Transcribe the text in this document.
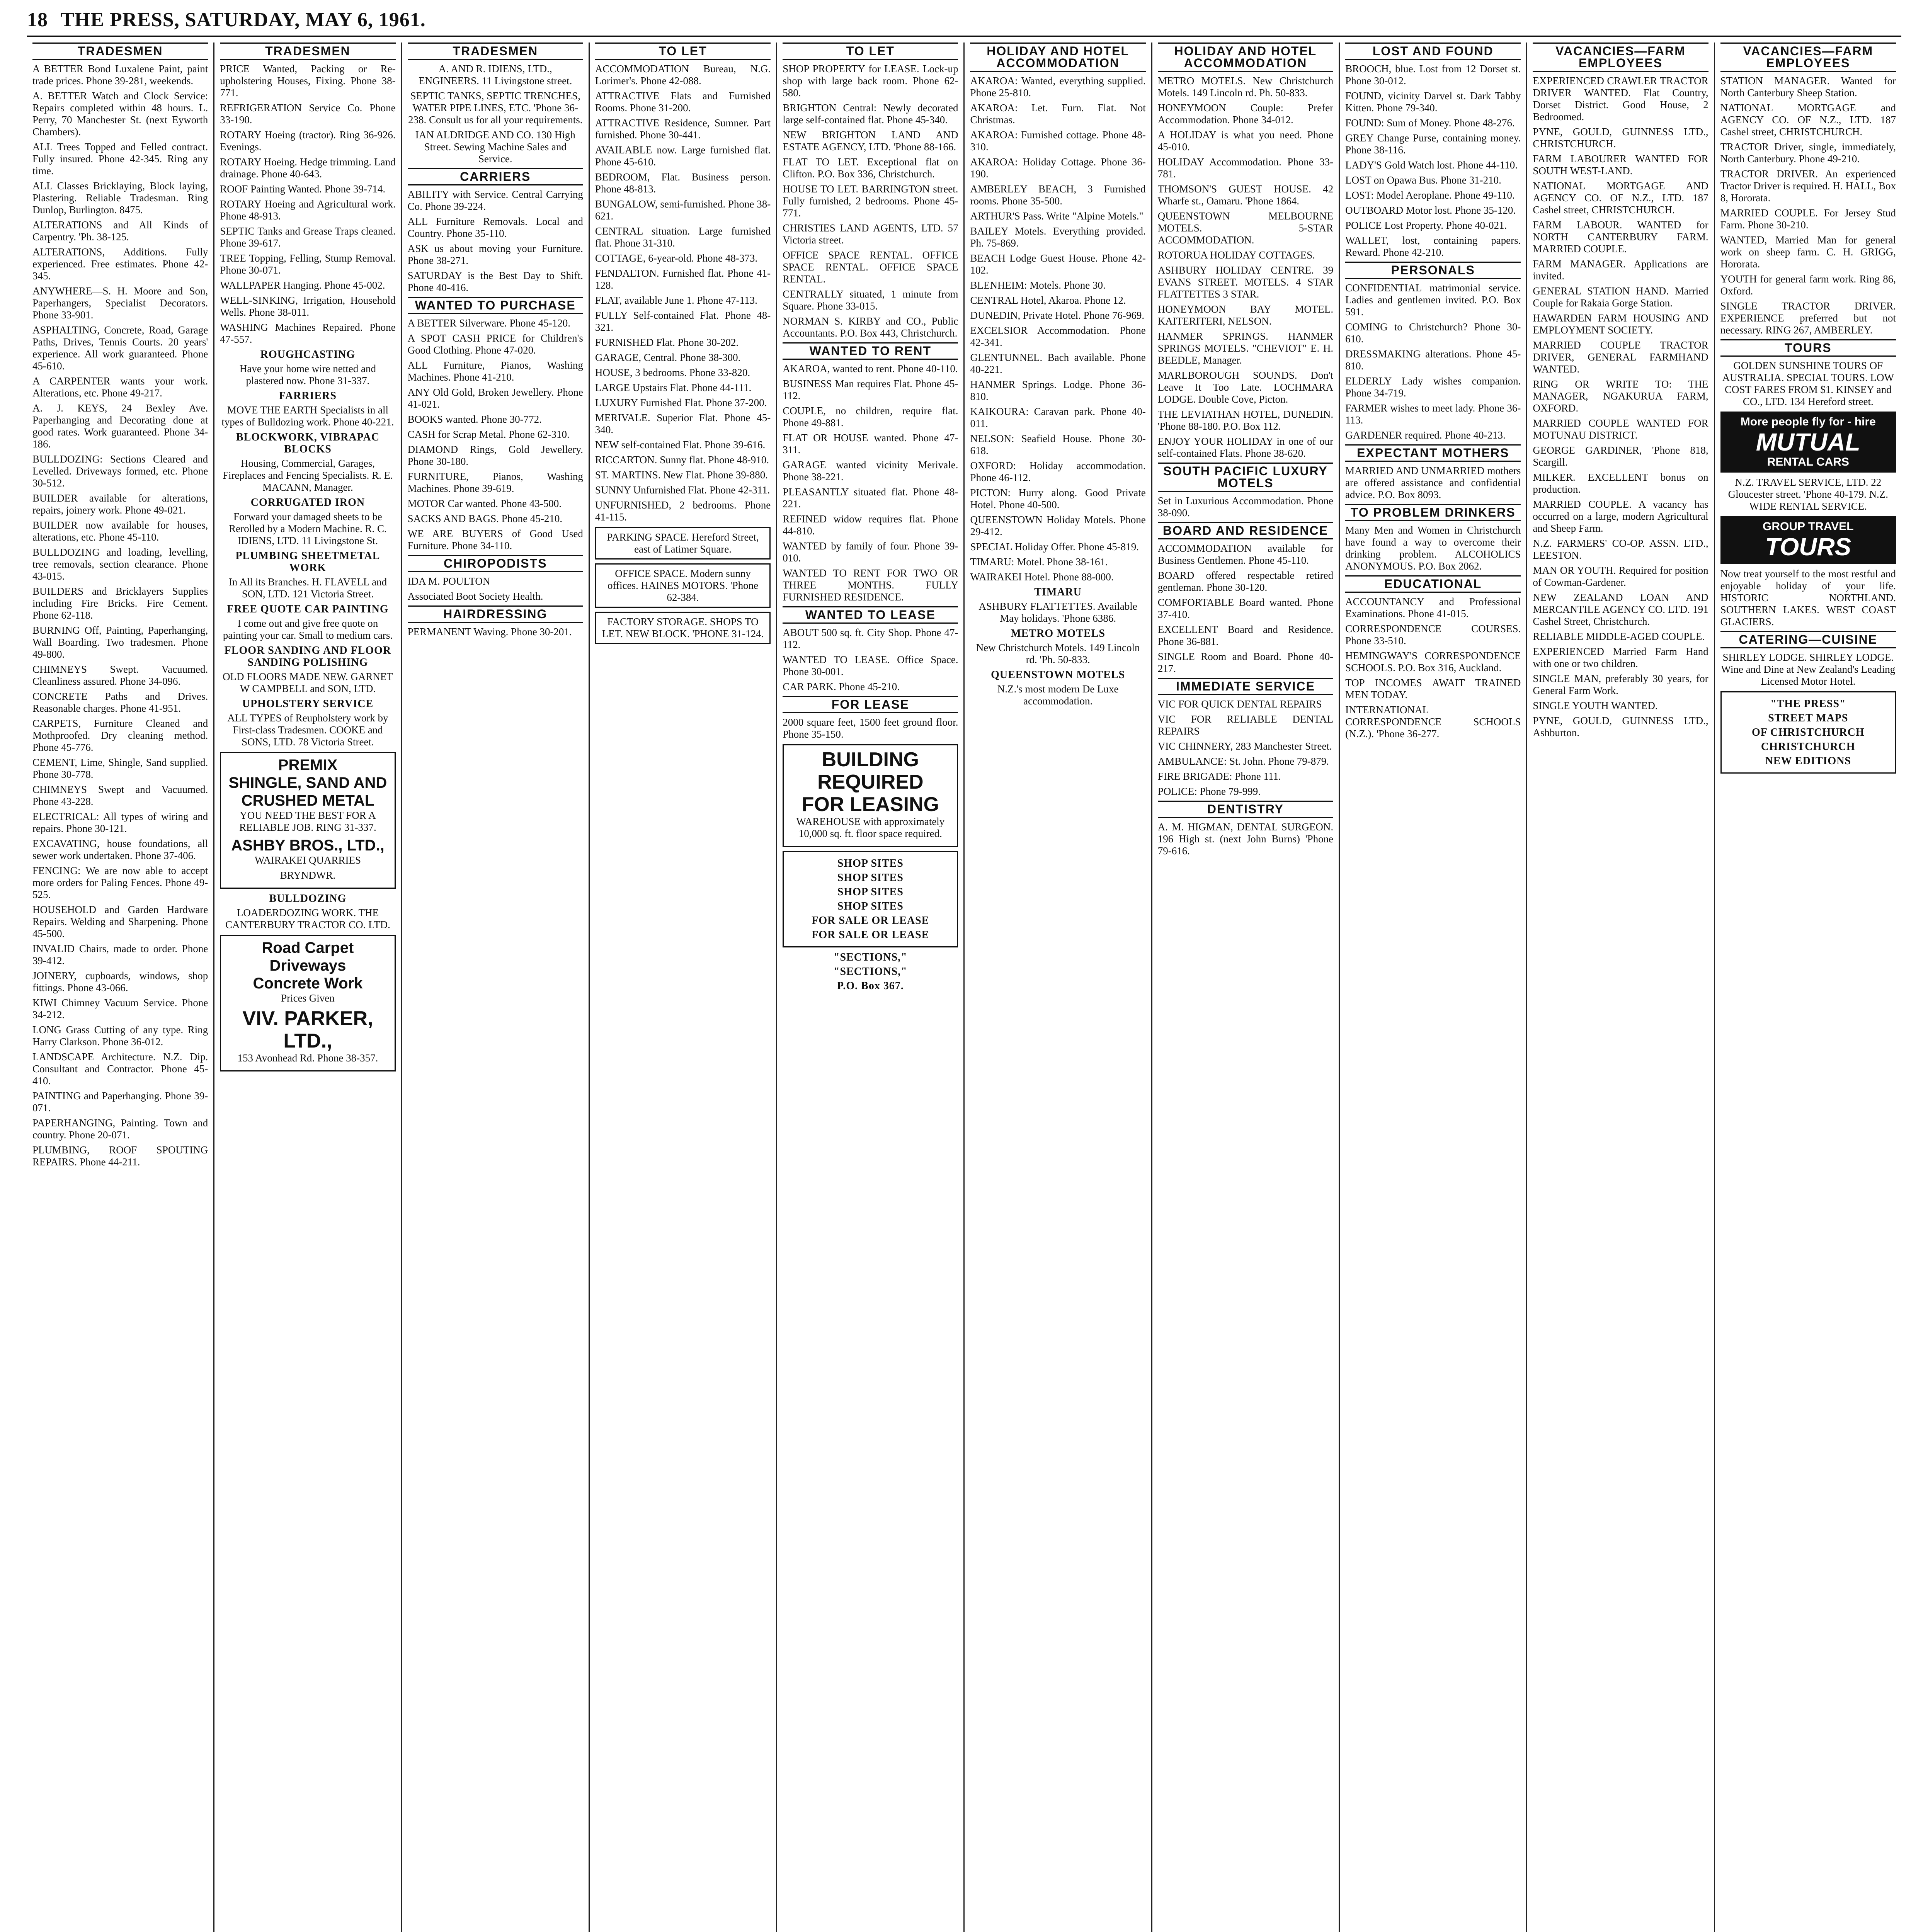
18 THE PRESS, SATURDAY, MAY 6, 1961.
TRADESMEN
A BETTER Bond Luxalene Paint, paint trade prices. Phone 39-281, weekends.
A. BETTER Watch and Clock Service: Repairs completed within 48 hours. L. Perry, 70 Manchester St. (next Eyworth Chambers).
ALL Trees Topped and Felled contract. Fully insured. Phone 42-345. Ring any time.
ALL Classes Bricklaying, Block laying, Plastering. Reliable Tradesman. Ring Dunlop, Burlington. 8475.
ALTERATIONS and All Kinds of Carpentry. 'Ph. 38-125.
ALTERATIONS, Additions. Fully experienced. Free estimates. Phone 42-345.
ANYWHERE—S. H. Moore and Son, Paperhangers, Specialist Decorators. Phone 33-901.
ASPHALTING, Concrete, Road, Garage Paths, Drives, Tennis Courts. 20 years' experience. All work guaranteed. Phone 45-610.
A CARPENTER wants your work. Alterations, etc. Phone 49-217.
A. J. KEYS, 24 Bexley Ave. Paperhanging and Decorating done at good rates. Work guaranteed. Phone 34-186.
BULLDOZING: Sections Cleared and Levelled. Driveways formed, etc. Phone 30-512.
BUILDER available for alterations, repairs, joinery work. Phone 49-021.
BUILDER now available for houses, alterations, etc. Phone 45-110.
BULLDOZING and loading, levelling, tree removals, section clearance. Phone 43-015.
BUILDERS and Bricklayers Supplies including Fire Bricks. Fire Cement. Phone 62-118.
BURNING Off, Painting, Paperhanging, Wall Boarding. Two tradesmen. Phone 49-800.
CHIMNEYS Swept. Vacuumed. Cleanliness assured. Phone 34-096.
CONCRETE Paths and Drives. Reasonable charges. Phone 41-951.
CARPETS, Furniture Cleaned and Mothproofed. Dry cleaning method. Phone 45-776.
CEMENT, Lime, Shingle, Sand supplied. Phone 30-778.
CHIMNEYS Swept and Vacuumed. Phone 43-228.
ELECTRICAL: All types of wiring and repairs. Phone 30-121.
EXCAVATING, house foundations, all sewer work undertaken. Phone 37-406.
FENCING: We are now able to accept more orders for Paling Fences. Phone 49-525.
HOUSEHOLD and Garden Hardware Repairs. Welding and Sharpening. Phone 45-500.
INVALID Chairs, made to order. Phone 39-412.
JOINERY, cupboards, windows, shop fittings. Phone 43-066.
KIWI Chimney Vacuum Service. Phone 34-212.
LONG Grass Cutting of any type. Ring Harry Clarkson. Phone 36-012.
LANDSCAPE Architecture. N.Z. Dip. Consultant and Contractor. Phone 45-410.
PAINTING and Paperhanging. Phone 39-071.
PAPERHANGING, Painting. Town and country. Phone 20-071.
PLUMBING, ROOF SPOUTING REPAIRS. Phone 44-211.
TRADESMEN
PRICE Wanted, Packing or Re-upholstering Houses, Fixing. Phone 38-771.
REFRIGERATION Service Co. Phone 33-190.
ROTARY Hoeing (tractor). Ring 36-926. Evenings.
ROTARY Hoeing. Hedge trimming. Land drainage. Phone 40-643.
ROOF Painting Wanted. Phone 39-714.
ROTARY Hoeing and Agricultural work. Phone 48-913.
SEPTIC Tanks and Grease Traps cleaned. Phone 39-617.
TREE Topping, Felling, Stump Removal. Phone 30-071.
WALLPAPER Hanging. Phone 45-002.
WELL-SINKING, Irrigation, Household Wells. Phone 38-011.
WASHING Machines Repaired. Phone 47-557.
ROUGHCASTING
Have your home wire netted and plastered now. Phone 31-337.
FARRIERS
MOVE THE EARTH Specialists in all types of Bulldozing work. Phone 40-221.
BLOCKWORK, VIBRAPAC BLOCKS
Housing, Commercial, Garages, Fireplaces and Fencing Specialists. R. E. MACANN, Manager.
CORRUGATED IRON
Forward your damaged sheets to be Rerolled by a Modern Machine. R. C. IDIENS, LTD. 11 Livingstone St.
PLUMBING SHEETMETAL WORK
In All its Branches. H. FLAVELL and SON, LTD. 121 Victoria Street.
FREE QUOTE CAR PAINTING
I come out and give free quote on painting your car. Small to medium cars.
FLOOR SANDING AND FLOOR SANDING POLISHING
OLD FLOORS MADE NEW. GARNET W CAMPBELL and SON, LTD.
UPHOLSTERY SERVICE
ALL TYPES of Reupholstery work by First-class Tradesmen. COOKE and SONS, LTD. 78 Victoria Street.
PREMIX
SHINGLE, SAND AND
CRUSHED METAL
YOU NEED THE BEST FOR A RELIABLE JOB. RING 31-337.
ASHBY BROS., LTD.,
WAIRAKEI QUARRIES
BRYNDWR.
BULLDOZING
LOADERDOZING WORK. THE CANTERBURY TRACTOR CO. LTD.
Road Carpet
Driveways
Concrete Work
Prices Given
VIV. PARKER,
LTD.,
153 Avonhead Rd. Phone 38-357.
TRADESMEN
A. AND R. IDIENS, LTD., ENGINEERS. 11 Livingstone street.
SEPTIC TANKS, SEPTIC TRENCHES, WATER PIPE LINES, ETC. 'Phone 36-238. Consult us for all your requirements.
IAN ALDRIDGE AND CO. 130 High Street. Sewing Machine Sales and Service.
CARRIERS
ABILITY with Service. Central Carrying Co. Phone 39-224.
ALL Furniture Removals. Local and Country. Phone 35-110.
ASK us about moving your Furniture. Phone 38-271.
SATURDAY is the Best Day to Shift. Phone 40-416.
WANTED TO PURCHASE
A BETTER Silverware. Phone 45-120.
A SPOT CASH PRICE for Children's Good Clothing. Phone 47-020.
ALL Furniture, Pianos, Washing Machines. Phone 41-210.
ANY Old Gold, Broken Jewellery. Phone 41-021.
BOOKS wanted. Phone 30-772.
CASH for Scrap Metal. Phone 62-310.
DIAMOND Rings, Gold Jewellery. Phone 30-180.
FURNITURE, Pianos, Washing Machines. Phone 39-619.
MOTOR Car wanted. Phone 43-500.
SACKS AND BAGS. Phone 45-210.
WE ARE BUYERS of Good Used Furniture. Phone 34-110.
CHIROPODISTS
IDA M. POULTON
Associated Boot Society Health.
HAIRDRESSING
PERMANENT Waving. Phone 30-201.
TO LET
ACCOMMODATION Bureau, N.G. Lorimer's. Phone 42-088.
ATTRACTIVE Flats and Furnished Rooms. Phone 31-200.
ATTRACTIVE Residence, Sumner. Part furnished. Phone 30-441.
AVAILABLE now. Large furnished flat. Phone 45-610.
BEDROOM, Flat. Business person. Phone 48-813.
BUNGALOW, semi-furnished. Phone 38-621.
CENTRAL situation. Large furnished flat. Phone 31-310.
COTTAGE, 6-year-old. Phone 48-373.
FENDALTON. Furnished flat. Phone 41-128.
FLAT, available June 1. Phone 47-113.
FULLY Self-contained Flat. Phone 48-321.
FURNISHED Flat. Phone 30-202.
GARAGE, Central. Phone 38-300.
HOUSE, 3 bedrooms. Phone 33-820.
LARGE Upstairs Flat. Phone 44-111.
LUXURY Furnished Flat. Phone 37-200.
MERIVALE. Superior Flat. Phone 45-340.
NEW self-contained Flat. Phone 39-616.
RICCARTON. Sunny flat. Phone 48-910.
ST. MARTINS. New Flat. Phone 39-880.
SUNNY Unfurnished Flat. Phone 42-311.
UNFURNISHED, 2 bedrooms. Phone 41-115.
PARKING SPACE. Hereford Street, east of Latimer Square.
OFFICE SPACE. Modern sunny offices. HAINES MOTORS. 'Phone 62-384.
FACTORY STORAGE. SHOPS TO LET. NEW BLOCK. 'PHONE 31-124.
TO LET
SHOP PROPERTY for LEASE. Lock-up shop with large back room. Phone 62-580.
BRIGHTON Central: Newly decorated large self-contained flat. Phone 45-340.
NEW BRIGHTON LAND AND ESTATE AGENCY, LTD. 'Phone 88-166.
FLAT TO LET. Exceptional flat on Clifton. P.O. Box 336, Christchurch.
HOUSE TO LET. BARRINGTON street. Fully furnished, 2 bedrooms. Phone 45-771.
CHRISTIES LAND AGENTS, LTD. 57 Victoria street.
OFFICE SPACE RENTAL. OFFICE SPACE RENTAL. OFFICE SPACE RENTAL.
CENTRALLY situated, 1 minute from Square. Phone 33-015.
NORMAN S. KIRBY and CO., Public Accountants. P.O. Box 443, Christchurch.
WANTED TO RENT
AKAROA, wanted to rent. Phone 40-110.
BUSINESS Man requires Flat. Phone 45-112.
COUPLE, no children, require flat. Phone 49-881.
FLAT OR HOUSE wanted. Phone 47-311.
GARAGE wanted vicinity Merivale. Phone 38-221.
PLEASANTLY situated flat. Phone 48-221.
REFINED widow requires flat. Phone 44-810.
WANTED by family of four. Phone 39-010.
WANTED TO RENT FOR TWO OR THREE MONTHS. FULLY FURNISHED RESIDENCE.
WANTED TO LEASE
ABOUT 500 sq. ft. City Shop. Phone 47-112.
WANTED TO LEASE. Office Space. Phone 30-001.
CAR PARK. Phone 45-210.
FOR LEASE
2000 square feet, 1500 feet ground floor. Phone 35-150.
BUILDING REQUIRED
FOR LEASING
WAREHOUSE with approximately 10,000 sq. ft. floor space required.
SHOP SITES
SHOP SITES
SHOP SITES
SHOP SITES
FOR SALE OR LEASE
FOR SALE OR LEASE
"SECTIONS,"
"SECTIONS,"
P.O. Box 367.
HOLIDAY AND HOTEL ACCOMMODATION
AKAROA: Wanted, everything supplied. Phone 25-810.
AKAROA: Let. Furn. Flat. Not Christmas.
AKAROA: Furnished cottage. Phone 48-310.
AKAROA: Holiday Cottage. Phone 36-190.
AMBERLEY BEACH, 3 Furnished rooms. Phone 35-500.
ARTHUR'S Pass. Write "Alpine Motels."
BAILEY Motels. Everything provided. Ph. 75-869.
BEACH Lodge Guest House. Phone 42-102.
BLENHEIM: Motels. Phone 30.
CENTRAL Hotel, Akaroa. Phone 12.
DUNEDIN, Private Hotel. Phone 76-969.
EXCELSIOR Accommodation. Phone 42-341.
GLENTUNNEL. Bach available. Phone 40-221.
HANMER Springs. Lodge. Phone 36-810.
KAIKOURA: Caravan park. Phone 40-011.
NELSON: Seafield House. Phone 30-618.
OXFORD: Holiday accommodation. Phone 46-112.
PICTON: Hurry along. Good Private Hotel. Phone 40-500.
QUEENSTOWN Holiday Motels. Phone 29-412.
SPECIAL Holiday Offer. Phone 45-819.
TIMARU: Motel. Phone 38-161.
WAIRAKEI Hotel. Phone 88-000.
TIMARU
ASHBURY FLATTETTES. Available May holidays. 'Phone 6386.
METRO MOTELS
New Christchurch Motels. 149 Lincoln rd. 'Ph. 50-833.
QUEENSTOWN MOTELS
N.Z.'s most modern De Luxe accommodation.
HOLIDAY AND HOTEL ACCOMMODATION
METRO MOTELS. New Christchurch Motels. 149 Lincoln rd. Ph. 50-833.
HONEYMOON Couple: Prefer Accommodation. Phone 34-012.
A HOLIDAY is what you need. Phone 45-010.
HOLIDAY Accommodation. Phone 33-781.
THOMSON'S GUEST HOUSE. 42 Wharfe st., Oamaru. 'Phone 1864.
QUEENSTOWN MELBOURNE MOTELS. 5-STAR ACCOMMODATION.
ROTORUA HOLIDAY COTTAGES.
ASHBURY HOLIDAY CENTRE. 39 EVANS STREET. MOTELS. 4 STAR FLATTETTES 3 STAR.
HONEYMOON BAY MOTEL. KAITERITERI, NELSON.
HANMER SPRINGS. HANMER SPRINGS MOTELS. "CHEVIOT" E. H. BEEDLE, Manager.
MARLBOROUGH SOUNDS. Don't Leave It Too Late. LOCHMARA LODGE. Double Cove, Picton.
THE LEVIATHAN HOTEL, DUNEDIN. 'Phone 88-180. P.O. Box 112.
ENJOY YOUR HOLIDAY in one of our self-contained Flats. Phone 38-620.
SOUTH PACIFIC LUXURY MOTELS
Set in Luxurious Accommodation. Phone 38-090.
BOARD AND RESIDENCE
ACCOMMODATION available for Business Gentlemen. Phone 45-110.
BOARD offered respectable retired gentleman. Phone 30-120.
COMFORTABLE Board wanted. Phone 37-410.
EXCELLENT Board and Residence. Phone 36-881.
SINGLE Room and Board. Phone 40-217.
IMMEDIATE SERVICE
VIC FOR QUICK DENTAL REPAIRS
VIC FOR RELIABLE DENTAL REPAIRS
VIC CHINNERY, 283 Manchester Street.
AMBULANCE: St. John. Phone 79-879.
FIRE BRIGADE: Phone 111.
POLICE: Phone 79-999.
DENTISTRY
A. M. HIGMAN, DENTAL SURGEON. 196 High st. (next John Burns) 'Phone 79-616.
LOST AND FOUND
BROOCH, blue. Lost from 12 Dorset st. Phone 30-012.
FOUND, vicinity Darvel st. Dark Tabby Kitten. Phone 79-340.
FOUND: Sum of Money. Phone 48-276.
GREY Change Purse, containing money. Phone 38-116.
LADY'S Gold Watch lost. Phone 44-110.
LOST on Opawa Bus. Phone 31-210.
LOST: Model Aeroplane. Phone 49-110.
OUTBOARD Motor lost. Phone 35-120.
POLICE Lost Property. Phone 40-021.
WALLET, lost, containing papers. Reward. Phone 42-210.
PERSONALS
CONFIDENTIAL matrimonial service. Ladies and gentlemen invited. P.O. Box 591.
COMING to Christchurch? Phone 30-610.
DRESSMAKING alterations. Phone 45-810.
ELDERLY Lady wishes companion. Phone 34-719.
FARMER wishes to meet lady. Phone 36-113.
GARDENER required. Phone 40-213.
EXPECTANT MOTHERS
MARRIED AND UNMARRIED mothers are offered assistance and confidential advice. P.O. Box 8093.
TO PROBLEM DRINKERS
Many Men and Women in Christchurch have found a way to overcome their drinking problem. ALCOHOLICS ANONYMOUS. P.O. Box 2062.
EDUCATIONAL
ACCOUNTANCY and Professional Examinations. Phone 41-015.
CORRESPONDENCE COURSES. Phone 33-510.
HEMINGWAY'S CORRESPONDENCE SCHOOLS. P.O. Box 316, Auckland.
TOP INCOMES AWAIT TRAINED MEN TODAY.
INTERNATIONAL CORRESPONDENCE SCHOOLS (N.Z.). 'Phone 36-277.
VACANCIES—FARM EMPLOYEES
EXPERIENCED CRAWLER TRACTOR DRIVER WANTED. Flat Country, Dorset District. Good House, 2 Bedroomed.
PYNE, GOULD, GUINNESS LTD., CHRISTCHURCH.
FARM LABOURER WANTED FOR SOUTH WEST-LAND.
NATIONAL MORTGAGE AND AGENCY CO. OF N.Z., LTD. 187 Cashel street, CHRISTCHURCH.
FARM LABOUR. WANTED for NORTH CANTERBURY FARM. MARRIED COUPLE.
FARM MANAGER. Applications are invited.
GENERAL STATION HAND. Married Couple for Rakaia Gorge Station.
HAWARDEN FARM HOUSING AND EMPLOYMENT SOCIETY.
MARRIED COUPLE TRACTOR DRIVER, GENERAL FARMHAND WANTED.
RING OR WRITE TO: THE MANAGER, NGAKURUA FARM, OXFORD.
MARRIED COUPLE WANTED FOR MOTUNAU DISTRICT.
GEORGE GARDINER, 'Phone 818, Scargill.
MILKER. EXCELLENT bonus on production.
MARRIED COUPLE. A vacancy has occurred on a large, modern Agricultural and Sheep Farm.
N.Z. FARMERS' CO-OP. ASSN. LTD., LEESTON.
MAN OR YOUTH. Required for position of Cowman-Gardener.
NEW ZEALAND LOAN AND MERCANTILE AGENCY CO. LTD. 191 Cashel Street, Christchurch.
RELIABLE MIDDLE-AGED COUPLE.
EXPERIENCED Married Farm Hand with one or two children.
SINGLE MAN, preferably 30 years, for General Farm Work.
SINGLE YOUTH WANTED.
PYNE, GOULD, GUINNESS LTD., Ashburton.
VACANCIES—FARM EMPLOYEES
STATION MANAGER. Wanted for North Canterbury Sheep Station.
NATIONAL MORTGAGE and AGENCY CO. OF N.Z., LTD. 187 Cashel street, CHRISTCHURCH.
TRACTOR Driver, single, immediately, North Canterbury. Phone 49-210.
TRACTOR DRIVER. An experienced Tractor Driver is required. H. HALL, Box 8, Hororata.
MARRIED COUPLE. For Jersey Stud Farm. Phone 30-210.
WANTED, Married Man for general work on sheep farm. C. H. GRIGG, Hororata.
YOUTH for general farm work. Ring 86, Oxford.
SINGLE TRACTOR DRIVER. EXPERIENCE preferred but not necessary. RING 267, AMBERLEY.
TOURS
GOLDEN SUNSHINE TOURS OF AUSTRALIA. SPECIAL TOURS. LOW COST FARES FROM $1. KINSEY and CO., LTD. 134 Hereford street.
More people fly for - hire
MUTUAL
RENTAL CARS
N.Z. TRAVEL SERVICE, LTD. 22 Gloucester street. 'Phone 40-179. N.Z. WIDE RENTAL SERVICE.
GROUP TRAVEL
TOURS
Now treat yourself to the most restful and enjoyable holiday of your life. HISTORIC NORTHLAND. SOUTHERN LAKES. WEST COAST GLACIERS.
CATERING—CUISINE
SHIRLEY LODGE. SHIRLEY LODGE. Wine and Dine at New Zealand's Leading Licensed Motor Hotel.
"THE PRESS"
STREET MAPS
OF CHRISTCHURCH
CHRISTCHURCH
NEW EDITIONS
